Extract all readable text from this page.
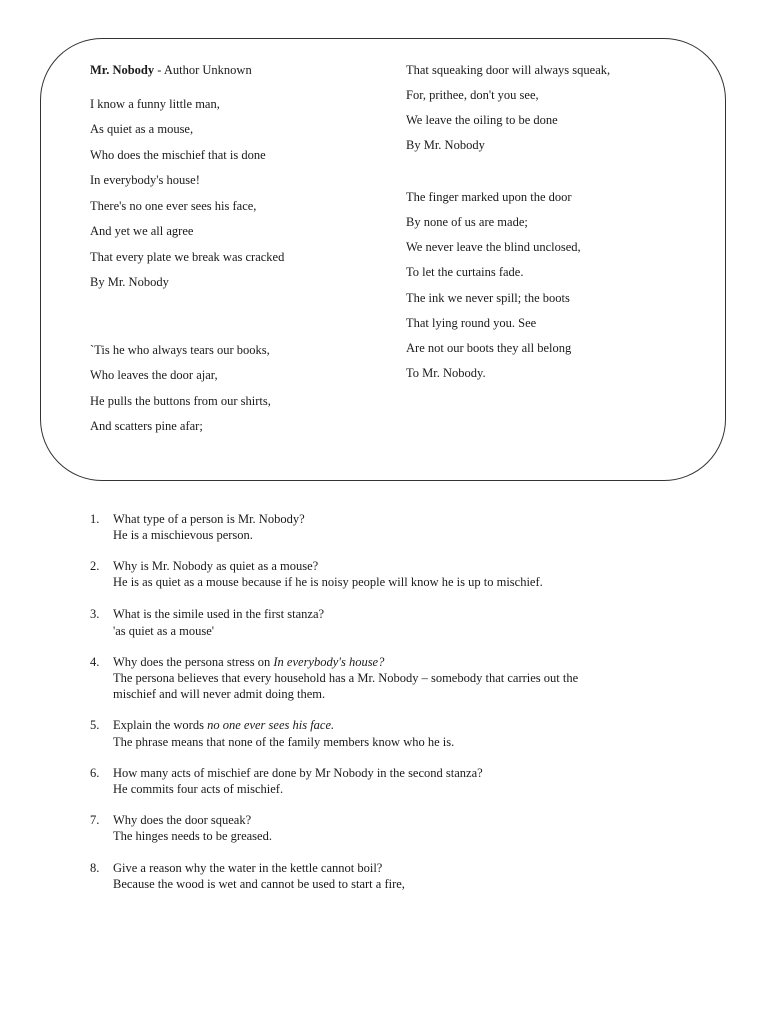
Mr. Nobody - Author Unknown
I know a funny little man,
As quiet as a mouse,
Who does the mischief that is done
In everybody's house!
There's no one ever sees his face,
And yet we all agree
That every plate we break was cracked
By Mr. Nobody
`Tis he who always tears our books,
Who leaves the door ajar,
He pulls the buttons from our shirts,
And scatters pine afar;
That squeaking door will always squeak,
For, prithee, don't you see,
We leave the oiling to be done
By Mr. Nobody
The finger marked upon the door
By none of us are made;
We never leave the blind unclosed,
To let the curtains fade.
The ink we never spill; the boots
That lying round you. See
Are not our boots they all belong
To Mr. Nobody.
1. What type of a person is Mr. Nobody?
He is a mischievous person.
2. Why is Mr. Nobody as quiet as a mouse?
He is as quiet as a mouse because if he is noisy people will know he is up to mischief.
3. What is the simile used in the first stanza?
'as quiet as a mouse'
4. Why does the persona stress on In everybody's house?
The persona believes that every household has a Mr. Nobody – somebody that carries out the
mischief and will never admit doing them.
5. Explain the words no one ever sees his face.
The phrase means that none of the family members know who he is.
6. How many acts of mischief are done by Mr Nobody in the second stanza?
He commits four acts of mischief.
7. Why does the door squeak?
The hinges needs to be greased.
8. Give a reason why the water in the kettle cannot boil?
Because the wood is wet and cannot be used to start a fire,
